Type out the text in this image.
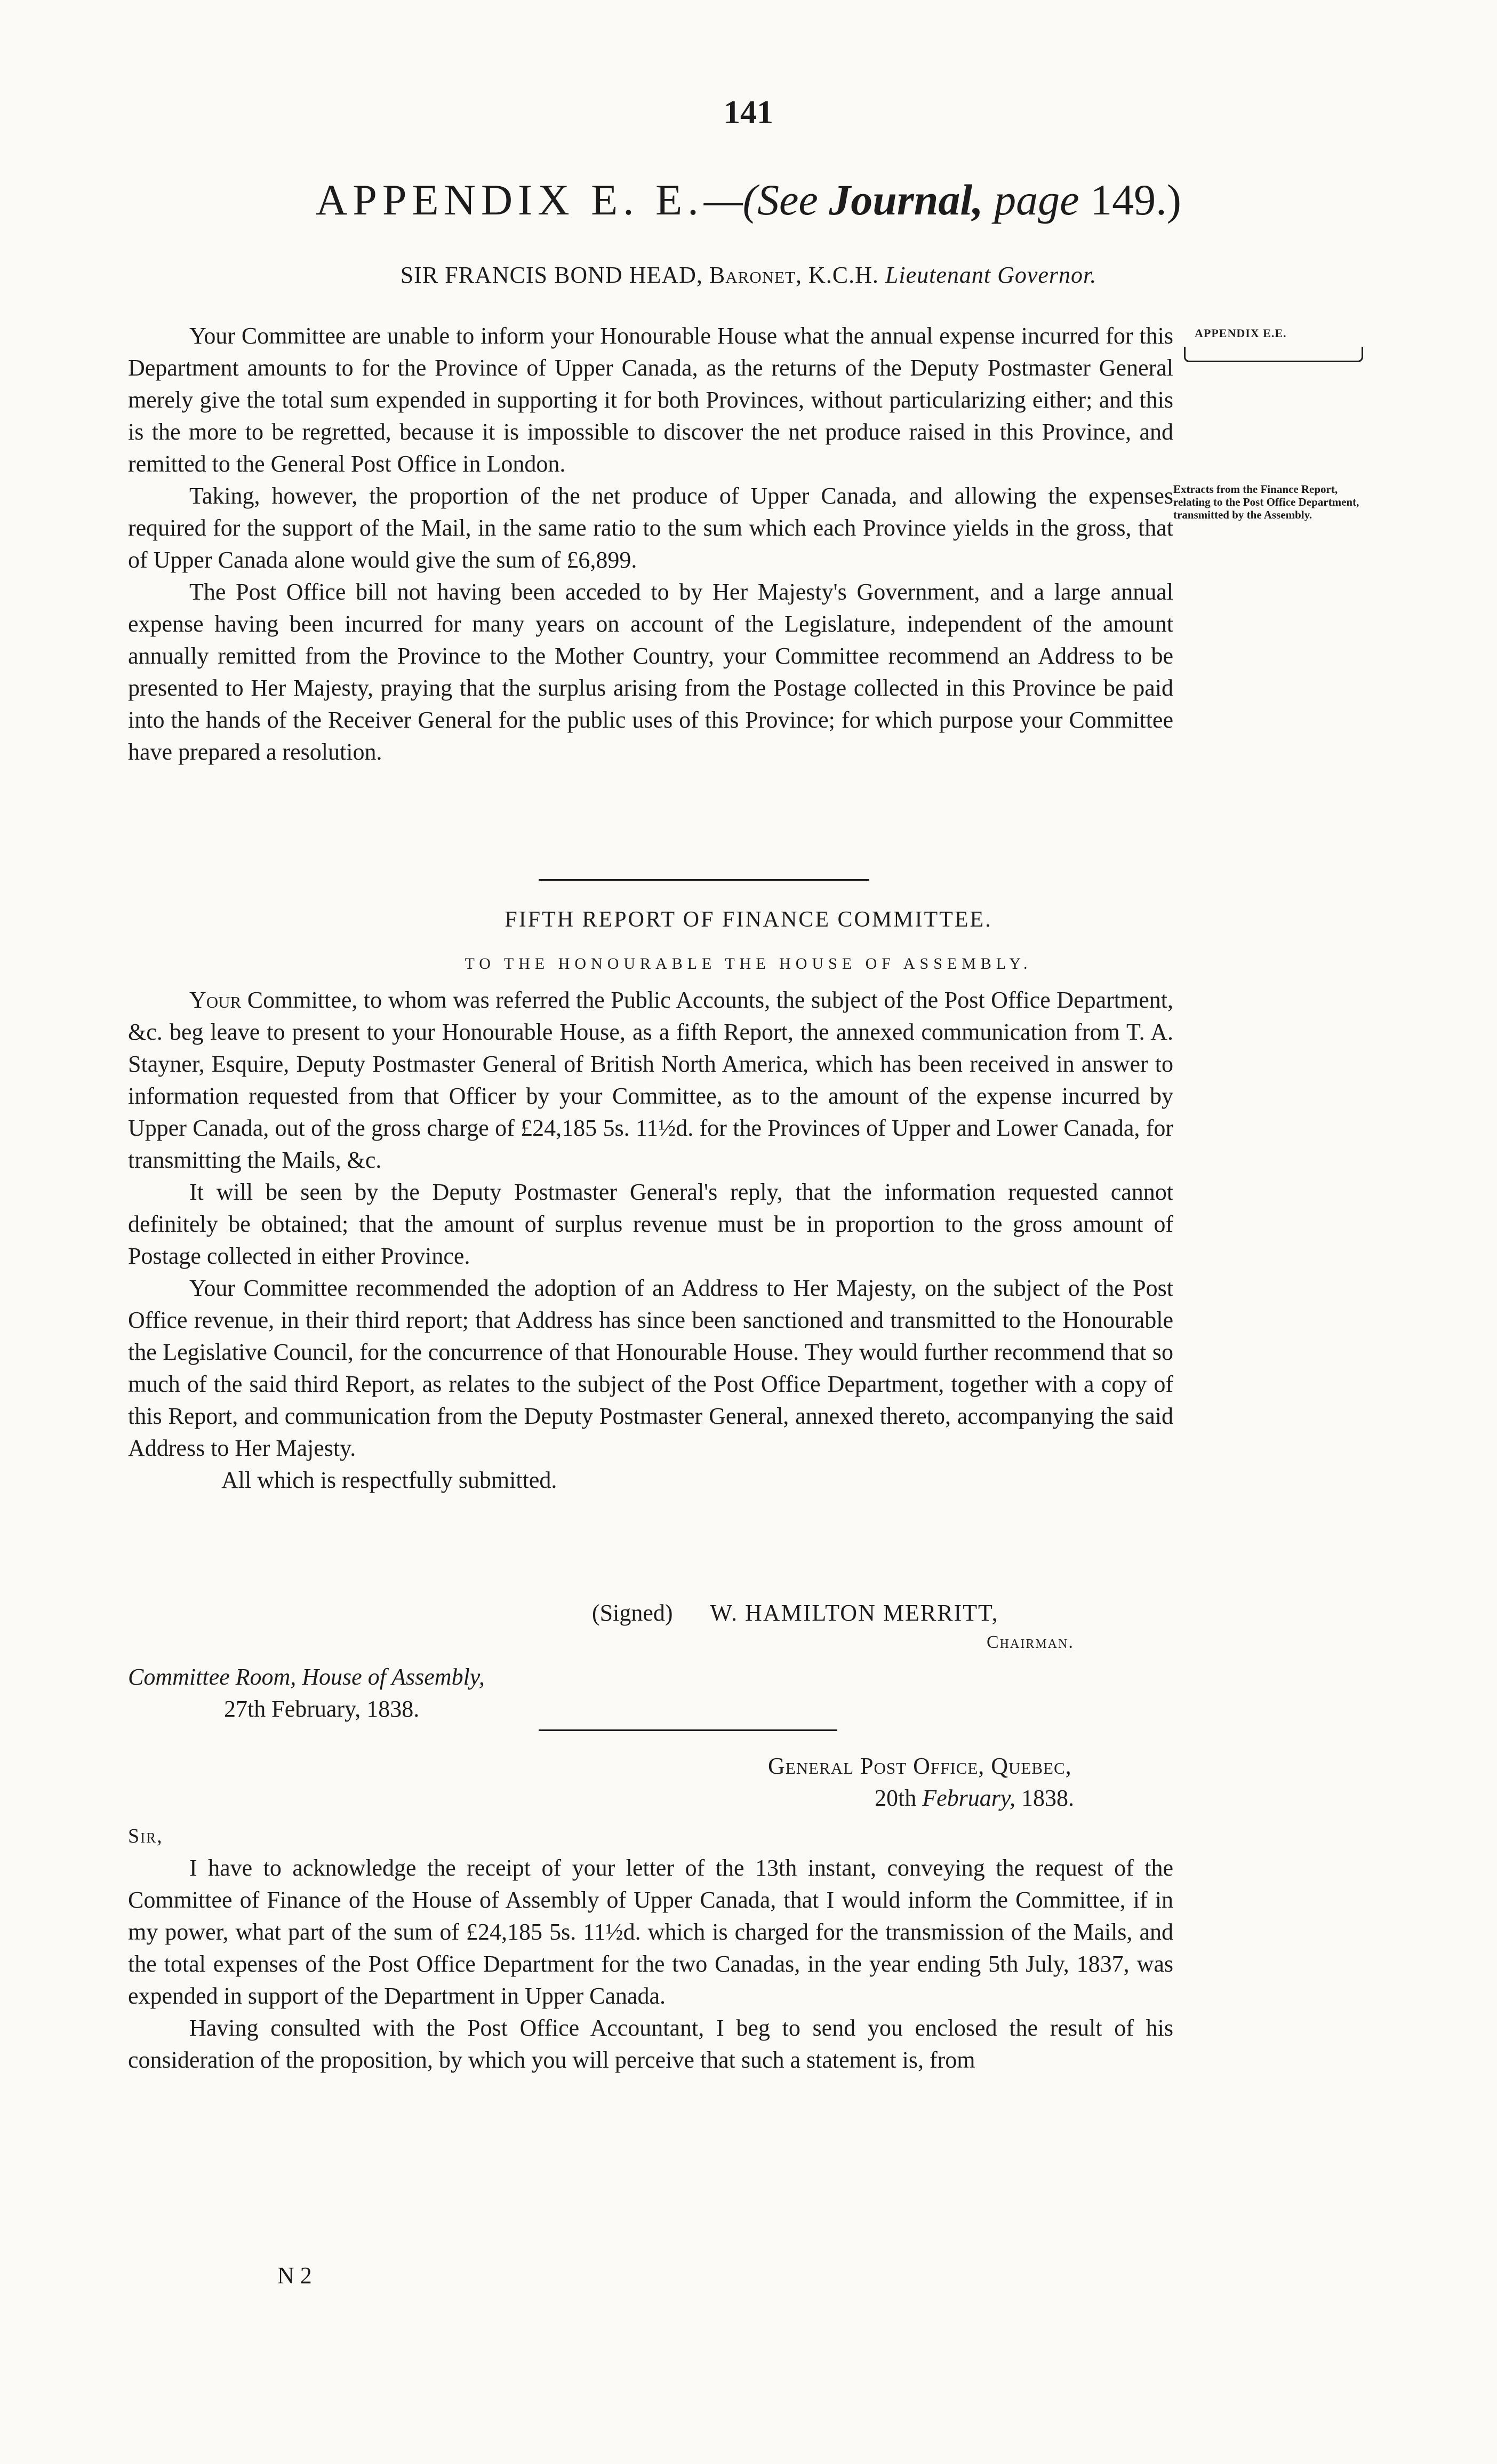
141
APPENDIX E. E.—(See Journal, page 149.)
SIR FRANCIS BOND HEAD, Baronet, K.C.H. Lieutenant Governor.
APPENDIX E.E.
Extracts from the Finance Report, relating to the Post Office Department, transmitted by the Assembly.

Your Committee are unable to inform your Honourable House what the annual expense incurred for this Department amounts to for the Province of Upper Canada, as the returns of the Deputy Postmaster General merely give the total sum expended in supporting it for both Provinces, without particularizing either; and this is the more to be regretted, because it is impossible to discover the net produce raised in this Province, and remitted to the General Post Office in London.

Taking, however, the proportion of the net produce of Upper Canada, and allowing the expenses required for the support of the Mail, in the same ratio to the sum which each Province yields in the gross, that of Upper Canada alone would give the sum of £6,899.

The Post Office bill not having been acceded to by Her Majesty's Government, and a large annual expense having been incurred for many years on account of the Legislature, independent of the amount annually remitted from the Province to the Mother Country, your Committee recommend an Address to be presented to Her Majesty, praying that the surplus arising from the Postage collected in this Province be paid into the hands of the Receiver General for the public uses of this Province; for which purpose your Committee have prepared a resolution.

FIFTH REPORT OF FINANCE COMMITTEE.
TO THE HONOURABLE THE HOUSE OF ASSEMBLY.

Your Committee, to whom was referred the Public Accounts, the subject of the Post Office Department, &c. beg leave to present to your Honourable House, as a fifth Report, the annexed communication from T. A. Stayner, Esquire, Deputy Postmaster General of British North America, which has been received in answer to information requested from that Officer by your Committee, as to the amount of the expense incurred by Upper Canada, out of the gross charge of £24,185 5s. 11½d. for the Provinces of Upper and Lower Canada, for transmitting the Mails, &c.

It will be seen by the Deputy Postmaster General's reply, that the information requested cannot definitely be obtained; that the amount of surplus revenue must be in proportion to the gross amount of Postage collected in either Province.

Your Committee recommended the adoption of an Address to Her Majesty, on the subject of the Post Office revenue, in their third report; that Address has since been sanctioned and transmitted to the Honourable the Legislative Council, for the concurrence of that Honourable House. They would further recommend that so much of the said third Report, as relates to the subject of the Post Office Department, together with a copy of this Report, and communication from the Deputy Postmaster General, annexed thereto, accompanying the said Address to Her Majesty.

All which is respectfully submitted.

(Signed) W. HAMILTON MERRITT,
Chairman.
Committee Room, House of Assembly,
27th February, 1838.
General Post Office, Quebec,
20th February, 1838.
Sir,

I have to acknowledge the receipt of your letter of the 13th instant, conveying the request of the Committee of Finance of the House of Assembly of Upper Canada, that I would inform the Committee, if in my power, what part of the sum of £24,185 5s. 11½d. which is charged for the transmission of the Mails, and the total expenses of the Post Office Department for the two Canadas, in the year ending 5th July, 1837, was expended in support of the Department in Upper Canada.

Having consulted with the Post Office Accountant, I beg to send you enclosed the result of his consideration of the proposition, by which you will perceive that such a statement is, from

N 2
